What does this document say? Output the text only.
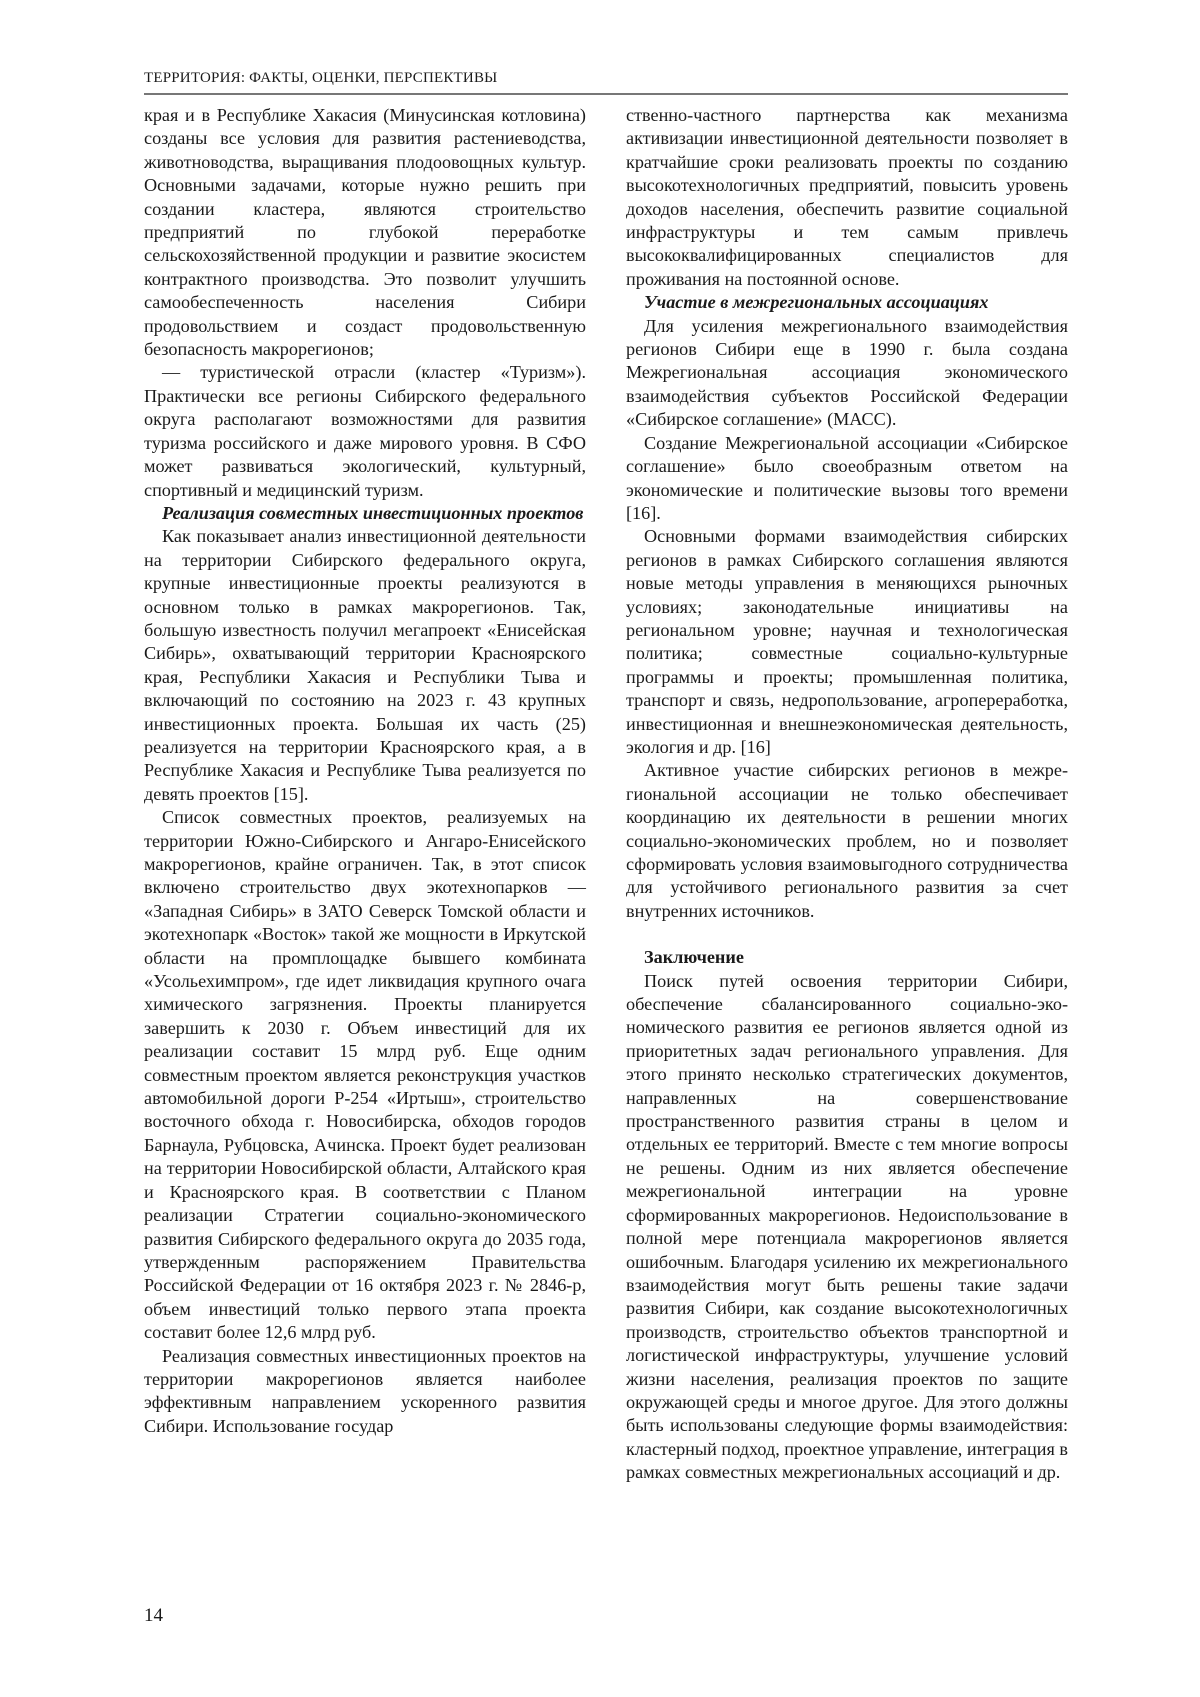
ТЕРРИТОРИЯ: ФАКТЫ, ОЦЕНКИ, ПЕРСПЕКТИВЫ

края и в Республике Хакасия (Минусинская котловина) созданы все условия для развития растениеводства, животноводства, выращивания плодоовощных культур. Основными задачами, которые нужно решить при создании кластера, являются строительство предприятий по глубокой переработке сельскохозяйственной продукции и развитие экосистем контрактного производства. Это позволит улучшить самообеспеченность населения Сибири продовольствием и создаст продовольственную безопасность макрорегионов;

— туристической отрасли (кластер «Туризм»). Практически все регионы Сибирского федерального округа располагают возможностями для развития туризма российского и даже мирового уровня. В СФО может развиваться экологический, культурный, спортивный и медицинский туризм.

Реализация совместных инвестиционных проектов

Как показывает анализ инвестиционной деятельности на территории Сибирского федерального округа, крупные инвестиционные проекты реализуются в основном только в рамках макрорегионов. Так, большую известность получил мегапроект «Енисейская Сибирь», охватывающий территории Красноярского края, Республики Хакасия и Республики Тыва и включающий по состоянию на 2023 г. 43 крупных инвестиционных проекта. Большая их часть (25) реализуется на территории Красноярского края, а в Республике Хакасия и Республике Тыва реализуется по девять проектов [15].

Список совместных проектов, реализуемых на территории Южно-Сибирского и Ангаро-Енисейского макрорегионов, крайне ограничен. Так, в этот список включено строительство двух экотехнопарков — «Западная Сибирь» в ЗАТО Северск Томской области и экотехнопарк «Восток» такой же мощности в Иркутской области на промплощадке бывшего комбината «Усольехимпром», где идет ликвидация крупного очага химического загрязнения. Проекты планируется завершить к 2030 г. Объем инвестиций для их реализации составит 15 млрд руб. Еще одним совместным проектом является реконструкция участков автомобильной дороги Р-254 «Иртыш», строительство восточного обхода г. Новосибирска, обходов городов Барнаула, Рубцовска, Ачинска. Проект будет реализован на территории Новосибирской области, Алтайского края и Красноярского края. В соответствии с Планом реализации Стратегии социально-экономического развития Сибирского федерального округа до 2035 года, утвержденным распоряжением Правительства Российской Федерации от 16 октября 2023 г. № 2846-р, объем инвестиций только первого этапа проекта составит более 12,6 млрд руб.

Реализация совместных инвестиционных проектов на территории макрорегионов является наиболее эффективным направлением ускоренного развития Сибири. Использование государ

ственно-частного партнерства как механизма активизации инвестиционной деятельности позволяет в кратчайшие сроки реализовать проекты по созданию высокотехнологичных предприятий, повысить уровень доходов населения, обеспечить развитие социальной инфраструктуры и тем самым привлечь высококвалифицированных специалистов для проживания на постоянной основе.

Участие в межрегиональных ассоциациях

Для усиления межрегионального взаимодействия регионов Сибири еще в 1990 г. была создана Межрегиональная ассоциация экономического взаимодействия субъектов Российской Федерации «Сибирское соглашение» (МАСС).

Создание Межрегиональной ассоциации «Сибирское соглашение» было своеобразным ответом на экономические и политические вызовы того времени [16].

Основными формами взаимодействия сибирских регионов в рамках Сибирского соглашения являются новые методы управления в меняющихся рыночных условиях; законодательные инициативы на региональном уровне; научная и технологическая политика; совместные социально-культурные программы и проекты; промышленная политика, транспорт и связь, недропользование, агропереработка, инвестиционная и внешнеэкономическая деятельность, экология и др. [16]

Активное участие сибирских регионов в межрегиональной ассоциации не только обеспечивает координацию их деятельности в решении многих социально-экономических проблем, но и позволяет сформировать условия взаимовыгодного сотрудничества для устойчивого регионального развития за счет внутренних источников.

Заключение

Поиск путей освоения территории Сибири, обеспечение сбалансированного социально-экономического развития ее регионов является одной из приоритетных задач регионального управления. Для этого принято несколько стратегических документов, направленных на совершенствование пространственного развития страны в целом и отдельных ее территорий. Вместе с тем многие вопросы не решены. Одним из них является обеспечение межрегиональной интеграции на уровне сформированных макрорегионов. Недоиспользование в полной мере потенциала макрорегионов является ошибочным. Благодаря усилению их межрегионального взаимодействия могут быть решены такие задачи развития Сибири, как создание высокотехнологичных производств, строительство объектов транспортной и логистической инфраструктуры, улучшение условий жизни населения, реализация проектов по защите окружающей среды и многое другое. Для этого должны быть использованы следующие формы взаимодействия: кластерный подход, проектное управление, интеграция в рамках совместных межрегиональных ассоциаций и др.

14
